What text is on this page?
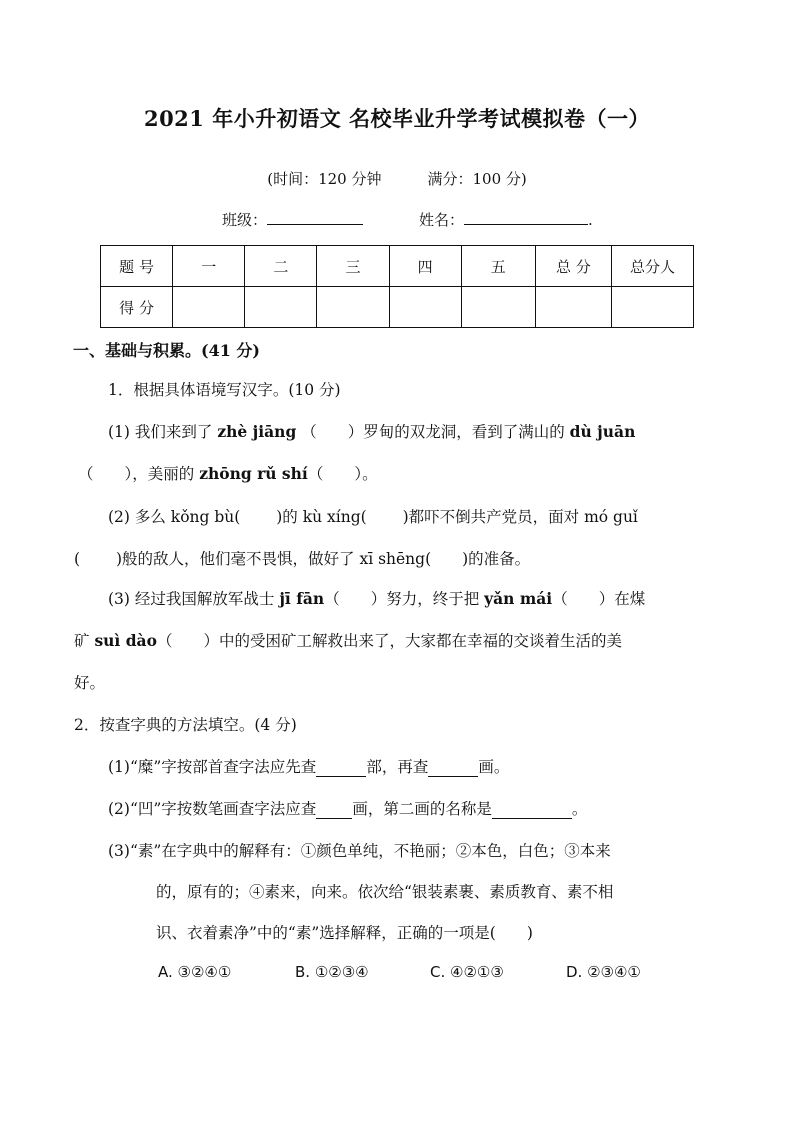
2021 年小升初语文 名校毕业升学考试模拟卷（一）
(时间：120 分钟	满分：100 分)
班级：	姓名：	.
题 号	一	二	三	四	五	总 分	总分人
得 分							
一、基础与积累。(41 分)
1．根据具体语境写汉字。(10 分)
(1) 我们来到了 zhè jiāng （　　）罗甸的双龙洞，看到了满山的 dù juān
（　　），美丽的 zhōng rǔ shí（　　）。
(2) 多么 kǒng bù(　　 )的 kù xíng(　　 )都吓不倒共产党员，面对 mó guǐ
(　　 )般的敌人，他们毫不畏惧，做好了 xī shēng(　　)的准备。
(3) 经过我国解放军战士 jī fān（　　）努力，终于把 yǎn mái（　　）在煤
矿 suì dào（　　）中的受困矿工解救出来了，大家都在幸福的交谈着生活的美
好。
2．按查字典的方法填空。(4 分)
(1)“糜”字按部首查字法应先查	部，再查	画。
(2)“凹”字按数笔画查字法应查 画，第二画的名称是	。
(3)“素”在字典中的解释有：①颜色单纯，不艳丽；②本色，白色；③本来
的，原有的；④素来，向来。依次给“银装素裹、素质教育、素不相
识、衣着素净”中的“素”选择解释，正确的一项是(　　)
A. ③②④①	B. ①②③④	C. ④②①③	D. ②③④①
